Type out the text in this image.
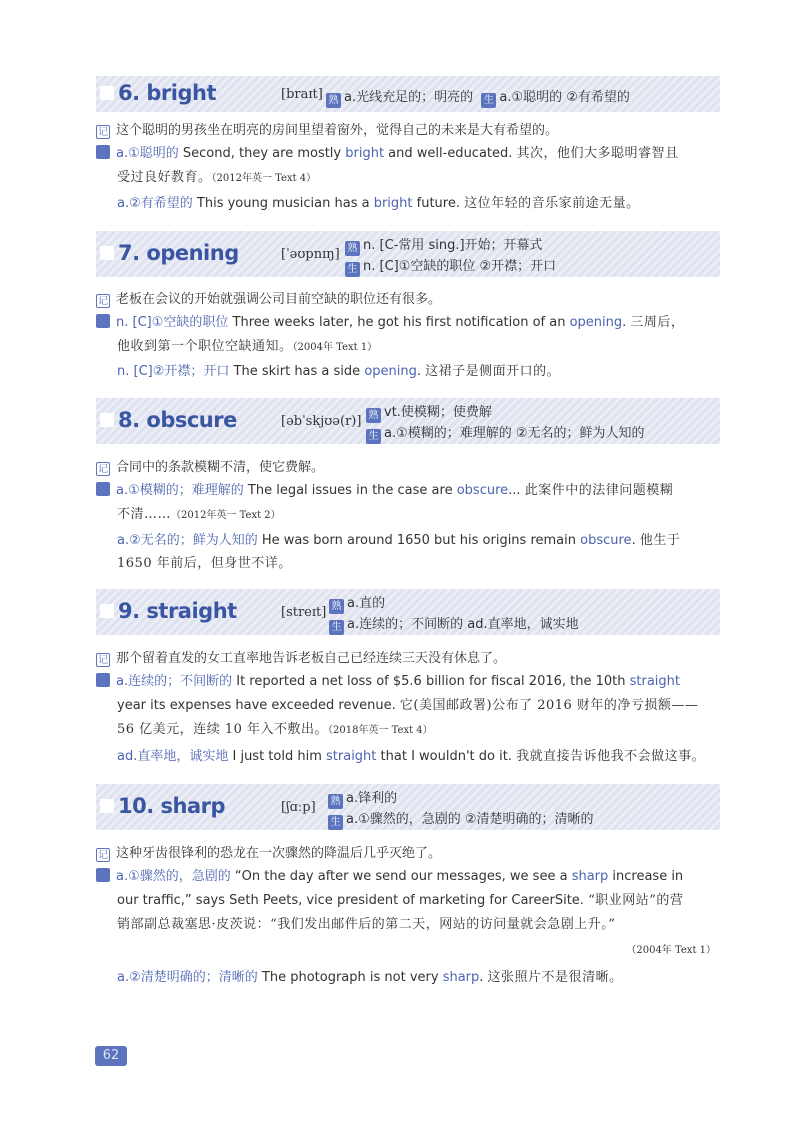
6. bright	[braɪt] 熟 a.光线充足的；明亮的 生 a.①聪明的 ②有希望的
记 这个聪明的男孩坐在明亮的房间里望着窗外，觉得自己的未来是大有希望的。
a.①聪明的 Second, they are mostly bright and well-educated. 其次，他们大多聪明睿智且
受过良好教育。（2012年英一 Text 4）
a.②有希望的 This young musician has a bright future. 这位年轻的音乐家前途无量。
7. opening	[ˈəʊpnɪŋ] 熟 n. [C-常用 sing.]开始；开幕式
生 n. [C]①空缺的职位 ②开襟；开口
记 老板在会议的开始就强调公司目前空缺的职位还有很多。
n. [C]①空缺的职位 Three weeks later, he got his first notification of an opening. 三周后，
他收到第一个职位空缺通知。（2004年 Text 1）
n. [C]②开襟；开口 The skirt has a side opening. 这裙子是侧面开口的。
8. obscure	[əbˈskjʊə(r)] 熟 vt.使模糊；使费解
生 a.①模糊的；难理解的 ②无名的；鲜为人知的
记 合同中的条款模糊不清，使它费解。
a.①模糊的；难理解的 The legal issues in the case are obscure... 此案件中的法律问题模糊
不清……（2012年英一 Text 2）
a.②无名的；鲜为人知的 He was born around 1650 but his origins remain obscure. 他生于
1650 年前后，但身世不详。
9. straight	[streɪt] 熟 a.直的
生 a.连续的；不间断的 ad.直率地，诚实地
记 那个留着直发的女工直率地告诉老板自己已经连续三天没有休息了。
a.连续的；不间断的 It reported a net loss of $5.6 billion for fiscal 2016, the 10th straight
year its expenses have exceeded revenue. 它(美国邮政署)公布了 2016 财年的净亏损额——
56 亿美元，连续 10 年入不敷出。（2018年英一 Text 4）
ad.直率地，诚实地 I just told him straight that I wouldn't do it. 我就直接告诉他我不会做这事。
10. sharp	[ʃɑːp] 熟 a.锋利的
生 a.①骤然的，急剧的 ②清楚明确的；清晰的
记 这种牙齿很锋利的恐龙在一次骤然的降温后几乎灭绝了。
a.①骤然的，急剧的 “On the day after we send our messages, we see a sharp increase in
our traffic,” says Seth Peets, vice president of marketing for CareerSite. “职业网站”的营
销部副总裁塞思·皮茨说：“我们发出邮件后的第二天，网站的访问量就会急剧上升。”
（2004年 Text 1）
a.②清楚明确的；清晰的 The photograph is not very sharp. 这张照片不是很清晰。
62
